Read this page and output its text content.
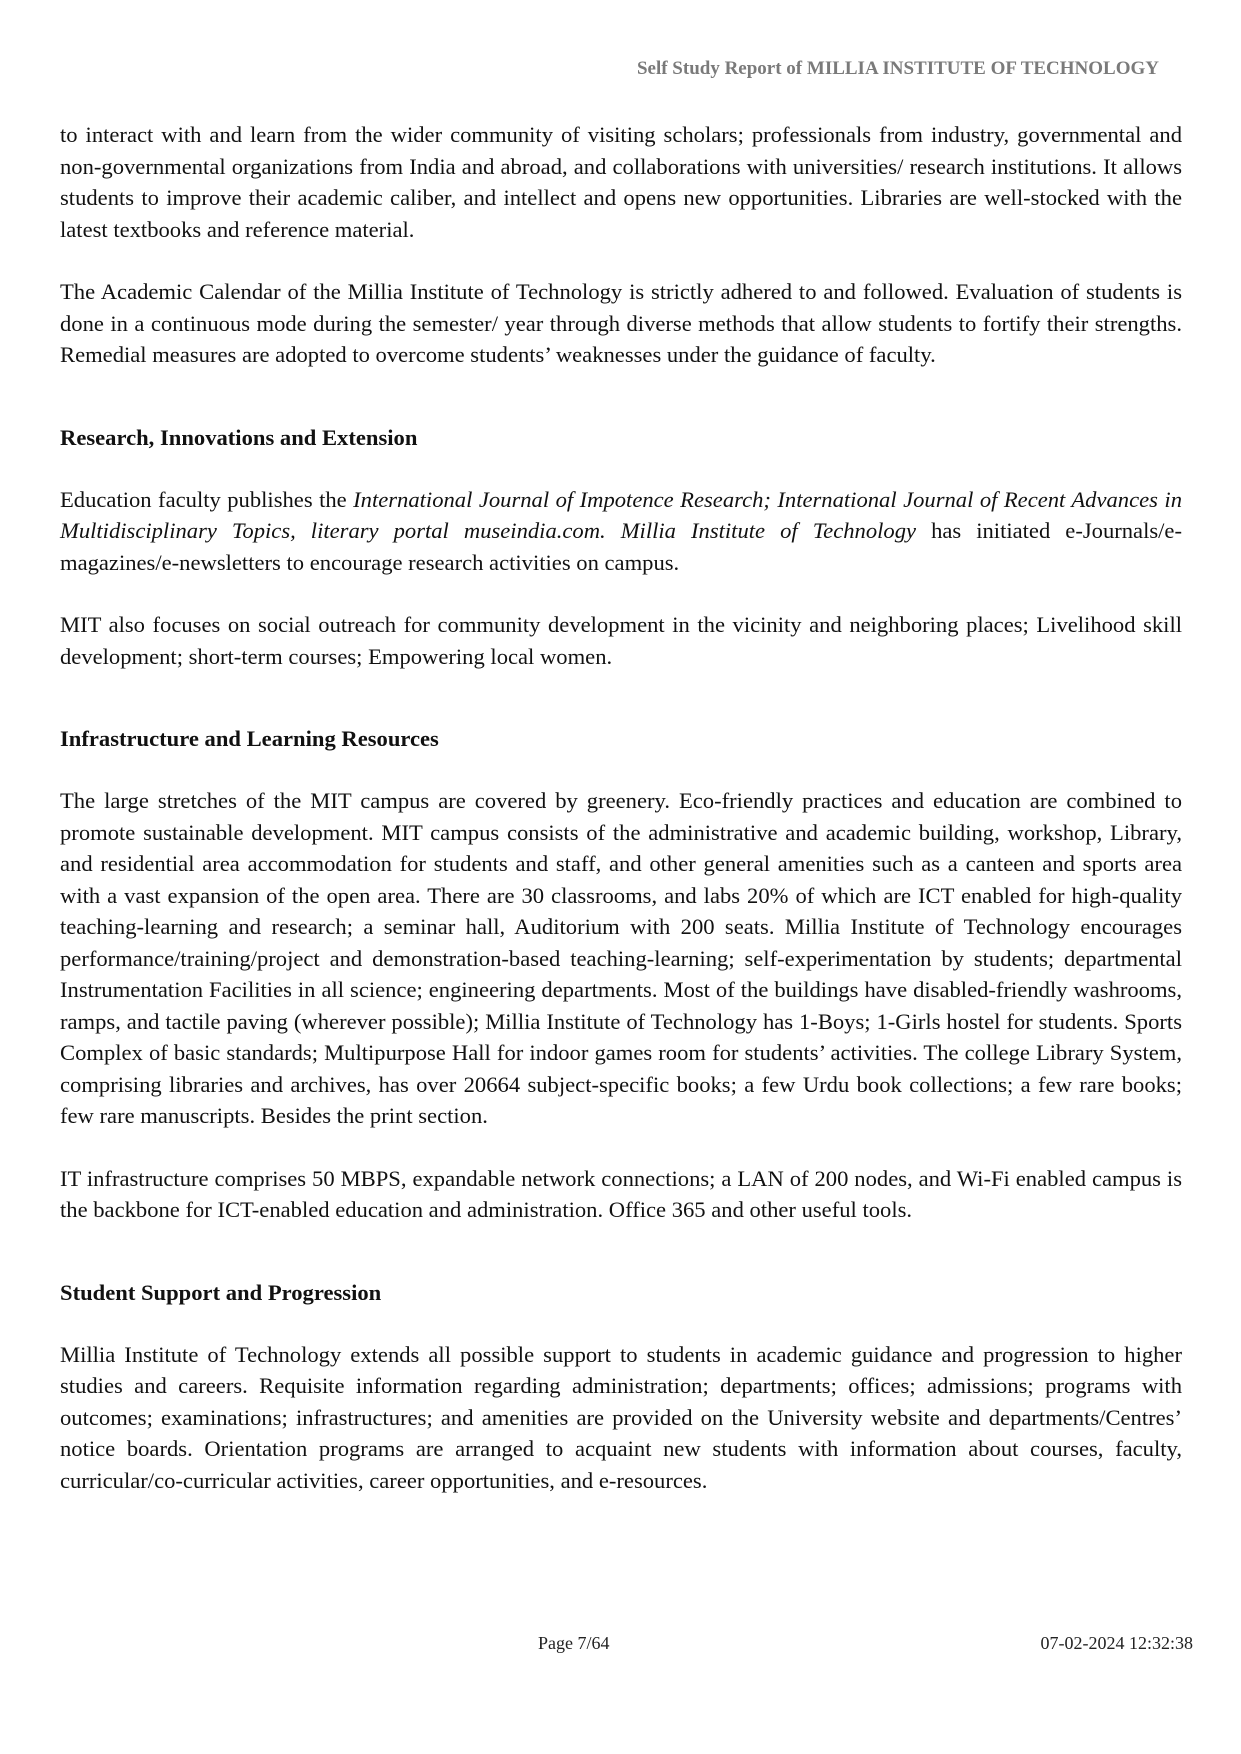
Self Study Report of MILLIA INSTITUTE OF TECHNOLOGY

to interact with and learn from the wider community of visiting scholars; professionals from industry, governmental and non-governmental organizations from India and abroad, and collaborations with universities/ research institutions. It allows students to improve their academic caliber, and intellect and opens new opportunities. Libraries are well-stocked with the latest textbooks and reference material.

The Academic Calendar of the Millia Institute of Technology is strictly adhered to and followed. Evaluation of students is done in a continuous mode during the semester/ year through diverse methods that allow students to fortify their strengths. Remedial measures are adopted to overcome students’ weaknesses under the guidance of faculty.

Research, Innovations and Extension

Education faculty publishes the International Journal of Impotence Research; International Journal of Recent Advances in Multidisciplinary Topics, literary portal museindia.com. Millia Institute of Technology has initiated e-Journals/e-magazines/e-newsletters to encourage research activities on campus.

MIT also focuses on social outreach for community development in the vicinity and neighboring places; Livelihood skill development; short-term courses; Empowering local women.

Infrastructure and Learning Resources

The large stretches of the MIT campus are covered by greenery. Eco-friendly practices and education are combined to promote sustainable development. MIT campus consists of the administrative and academic building, workshop, Library, and residential area accommodation for students and staff, and other general amenities such as a canteen and sports area with a vast expansion of the open area. There are 30 classrooms, and labs 20% of which are ICT enabled for high-quality teaching-learning and research; a seminar hall, Auditorium with 200 seats. Millia Institute of Technology encourages performance/training/project and demonstration-based teaching-learning; self-experimentation by students; departmental Instrumentation Facilities in all science; engineering departments. Most of the buildings have disabled-friendly washrooms, ramps, and tactile paving (wherever possible); Millia Institute of Technology has 1-Boys; 1-Girls hostel for students. Sports Complex of basic standards; Multipurpose Hall for indoor games room for students’ activities. The college Library System, comprising libraries and archives, has over 20664 subject-specific books; a few Urdu book collections; a few rare books; few rare manuscripts. Besides the print section.

IT infrastructure comprises 50 MBPS, expandable network connections; a LAN of 200 nodes, and Wi-Fi enabled campus is the backbone for ICT-enabled education and administration. Office 365 and other useful tools.

Student Support and Progression

Millia Institute of Technology extends all possible support to students in academic guidance and progression to higher studies and careers. Requisite information regarding administration; departments; offices; admissions; programs with outcomes; examinations; infrastructures; and amenities are provided on the University website and departments/Centres’ notice boards. Orientation programs are arranged to acquaint new students with information about courses, faculty, curricular/co-curricular activities, career opportunities, and e-resources.

Page 7/64	07-02-2024 12:32:38
